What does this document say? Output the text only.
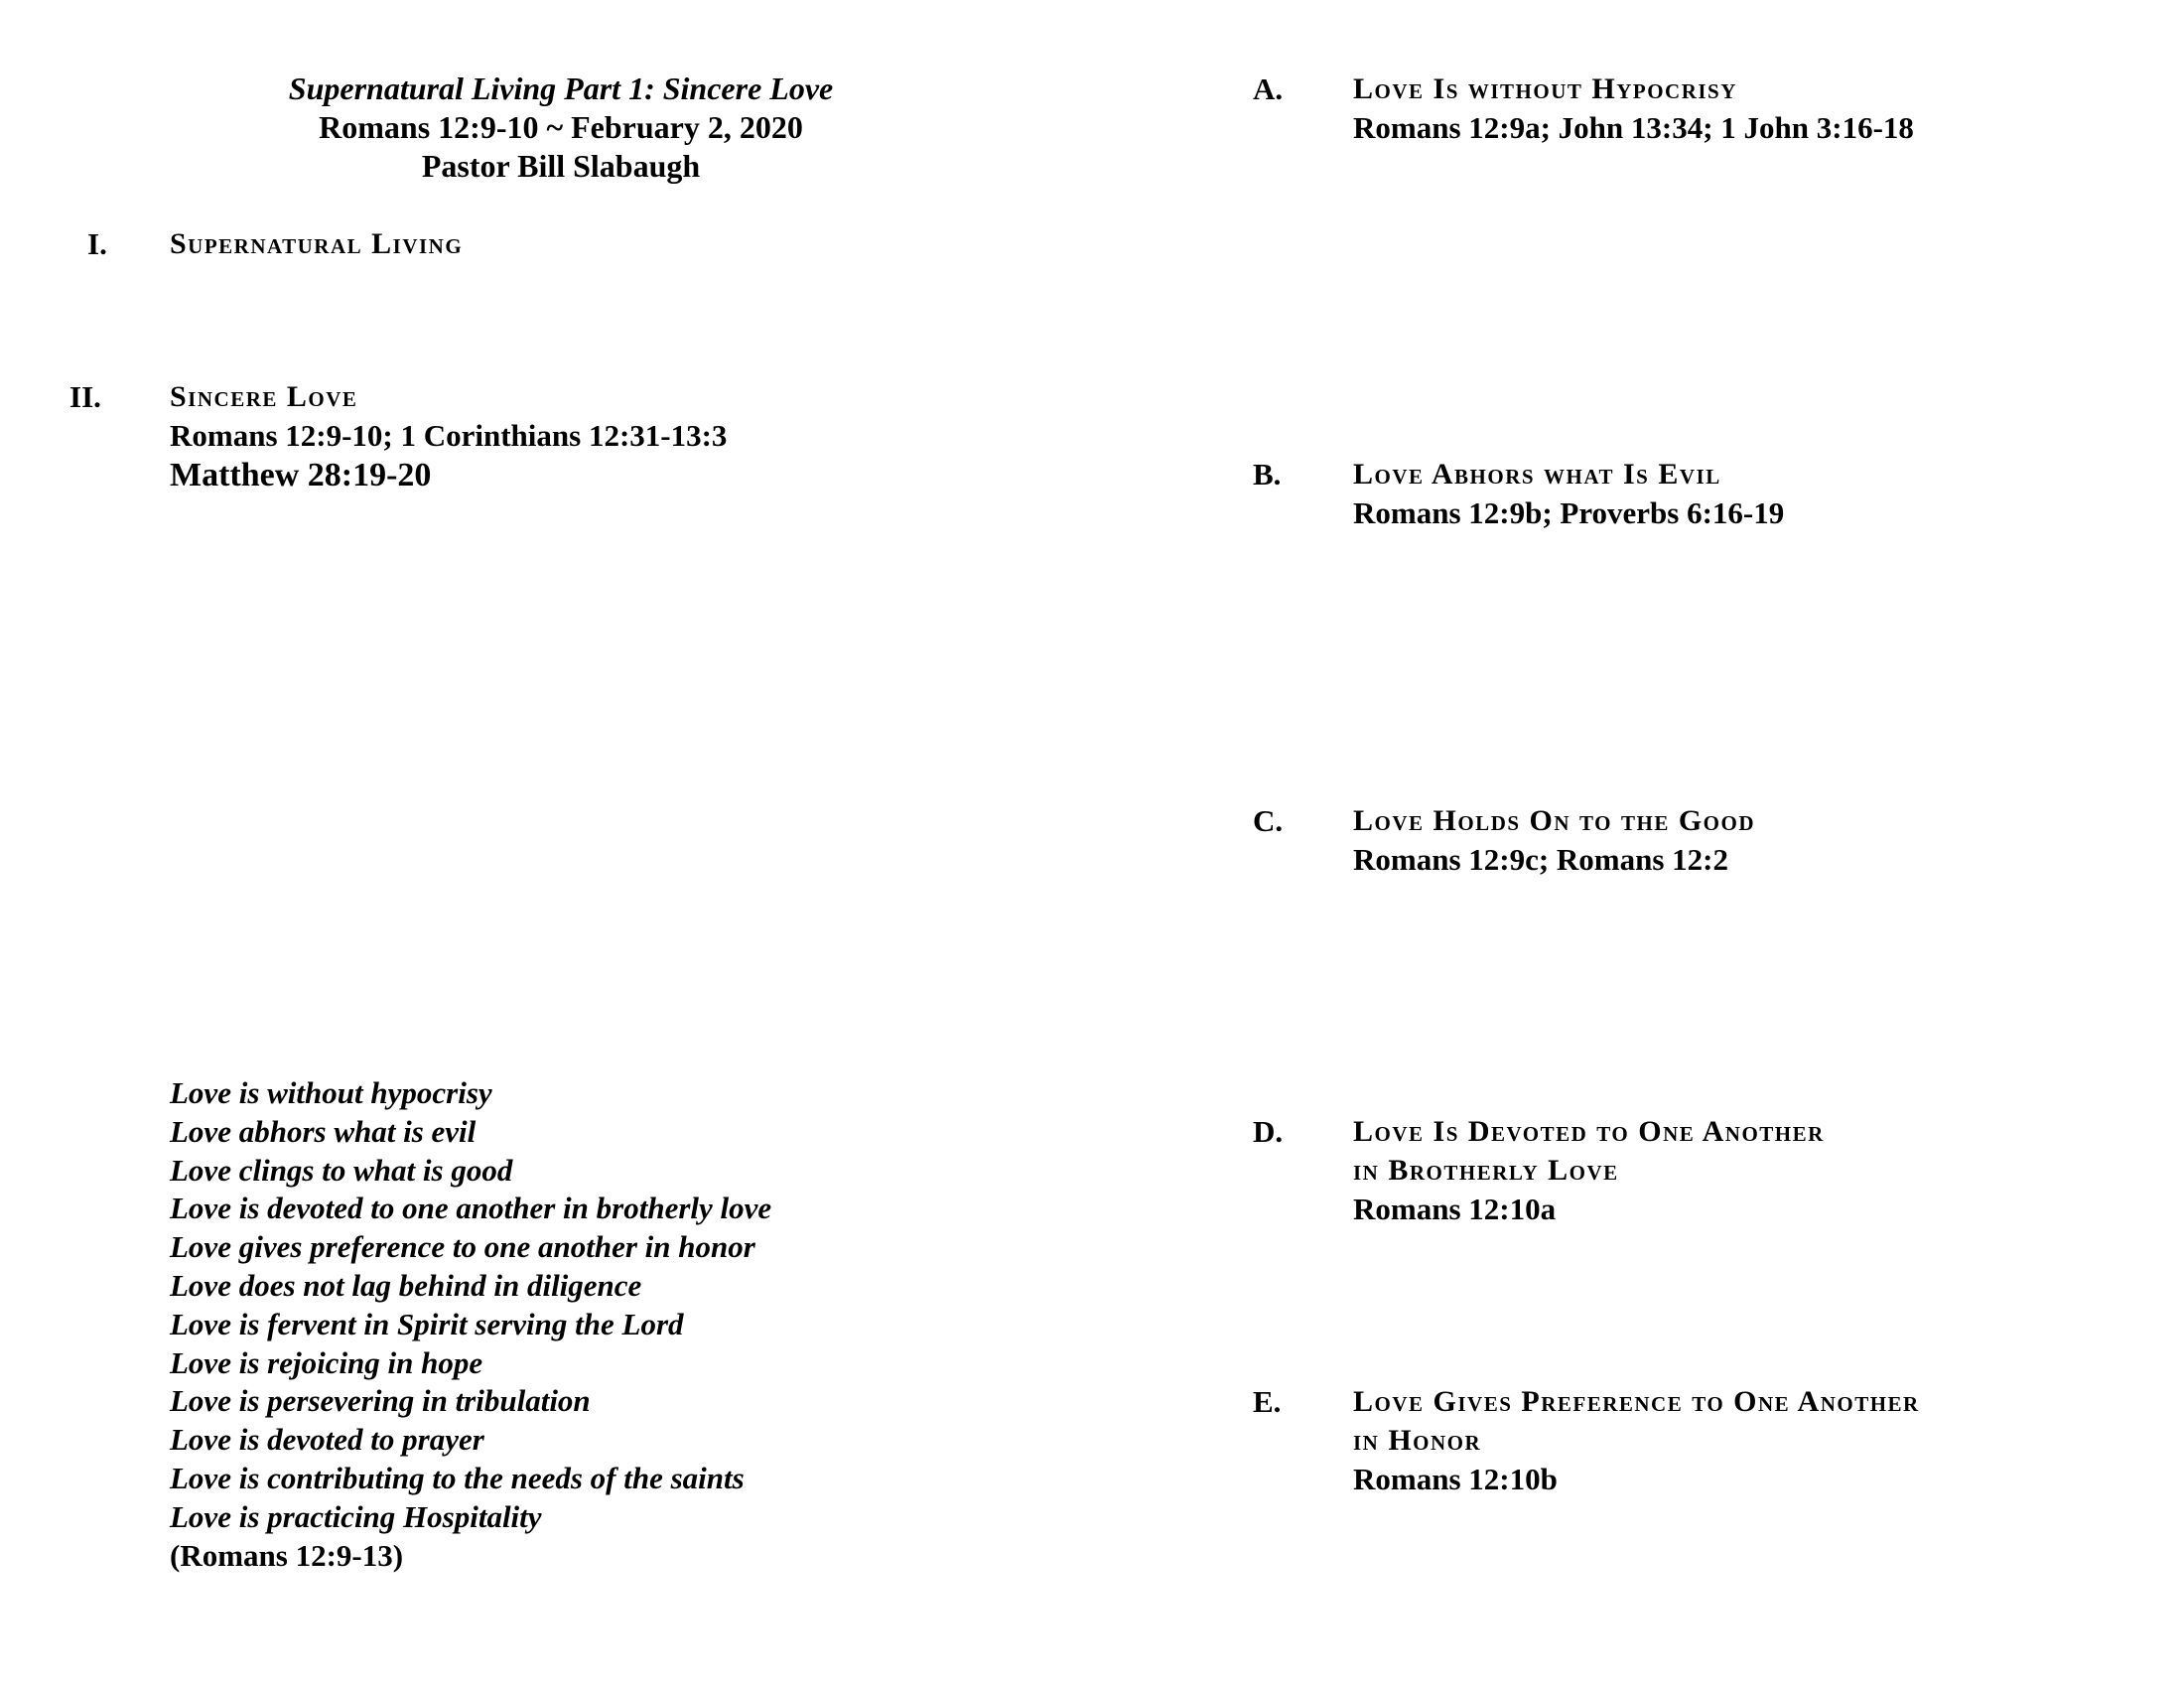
Supernatural Living Part 1: Sincere Love
Romans 12:9-10 ~ February 2, 2020
Pastor Bill Slabaugh
I. Supernatural Living
II. Sincere Love
Romans 12:9-10; 1 Corinthians 12:31-13:3
Matthew 28:19-20
Love is without hypocrisy
Love abhors what is evil
Love clings to what is good
Love is devoted to one another in brotherly love
Love gives preference to one another in honor
Love does not lag behind in diligence
Love is fervent in Spirit serving the Lord
Love is rejoicing in hope
Love is persevering in tribulation
Love is devoted to prayer
Love is contributing to the needs of the saints
Love is practicing Hospitality
(Romans 12:9-13)
A. Love Is without Hypocrisy
Romans 12:9a; John 13:34; 1 John 3:16-18
B. Love Abhors what Is Evil
Romans 12:9b; Proverbs 6:16-19
C. Love Holds On to the Good
Romans 12:9c; Romans 12:2
D. Love Is Devoted to One Another
in Brotherly Love
Romans 12:10a
E. Love Gives Preference to One Another
in Honor
Romans 12:10b
